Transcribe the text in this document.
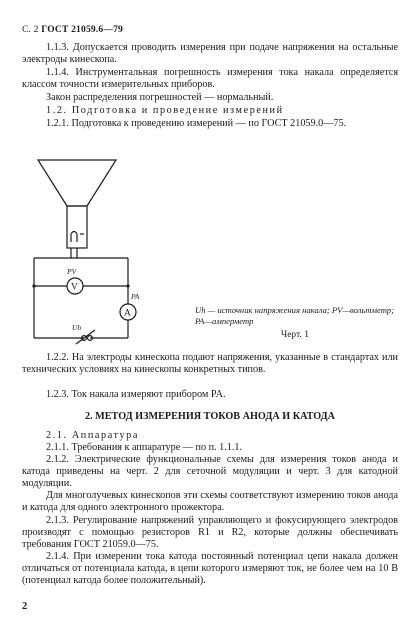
С. 2 ГОСТ 21059.6—79
1.1.3. Допускается проводить измерения при подаче напряжения на остальные электроды кинескопа.
1.1.4. Инструментальная погрешность измерения тока накала определяется классом точности измерительных приборов.
Закон распределения погрешностей — нормальный.
1.2. Подготовка и проведение измерений
1.2.1. Подготовка к проведению измерений — по ГОСТ 21059.0—75.
V
A
PV
PA
Uh
Uh — источник напряжения накала; PV—вольтметр; PA—амперметр
Черт. 1
1.2.2. На электроды кинескопа подают напряжения, указанные в стандартах или технических условиях на кинескопы конкретных типов.
1.2.3. Ток накала измеряют прибором PA.
2. МЕТОД ИЗМЕРЕНИЯ ТОКОВ АНОДА И КАТОДА
2.1. Аппаратура
2.1.1. Требования к аппаратуре — по п. 1.1.1.
2.1.2. Электрические функциональные схемы для измерения токов анода и катода приведены на черт. 2 для сеточной модуляции и черт. 3 для катодной модуляции.
Для многолучевых кинескопов эти схемы соответствуют измерению токов анода и катода для одного электронного прожектора.
2.1.3. Регулирование напряжений управляющего и фокусирующего электродов производят с помощью резисторов R1 и R2, которые должны обеспечивать требования ГОСТ 21059.0—75.
2.1.4. При измерении тока катода постоянный потенциал цепи накала должен отличаться от потенциала катода, в цепи которого измеряют ток, не более чем на 10 В (потенциал катода более положительный).
2
